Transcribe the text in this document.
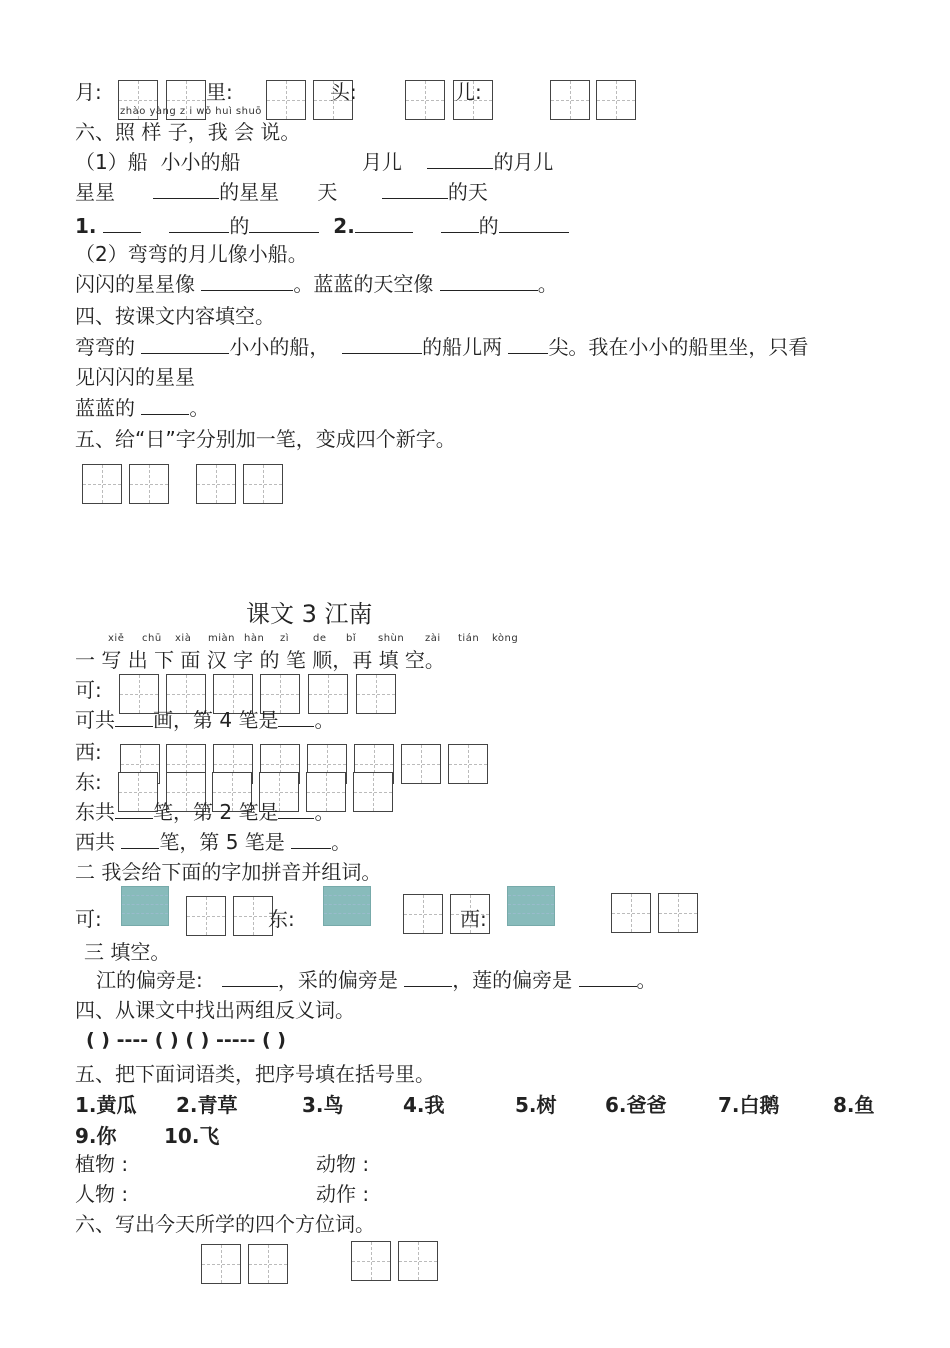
月:	里:	头:	儿:
zhào yàng z i wǒ huì shuō
六、照 样 子，我 会 说。
（1）船 小小的船	月儿	的月儿
星星	的星星 天	的天
1.	的	2.	的
（2）弯弯的月儿像小船。
闪闪的星星像	。蓝蓝的天空像	。
四、按课文内容填空。
弯弯的	小小的船，	的船儿两 尖。我在小小的船里坐，只看
见闪闪的星星
蓝蓝的	。
五、给“日”字分别加一笔，变成四个新字。
课文 3 江南
xiě chū xià miàn hàn zì de bǐ shùn zài tián kòng
一 写 出 下 面 汉 字 的 笔 顺，再 填 空。
可:
可共 画，第 4 笔是 。
西:
东:
东共 笔，第 2 笔是 。
西共 笔，第 5 笔是 。
二 我会给下面的字加拼音并组词。
可:	东:	西:
三 填空。
江的偏旁是:	，采的偏旁是	，莲的偏旁是	。
四、从课文中找出两组反义词。
( ) ---- ( ) ( ) ----- ( )
五、把下面词语类，把序号填在括号里。
1.黄瓜 2.青草	3.鸟	4.我	5.树 6.爸爸	7.白鹅	8.鱼
9.你 10.飞
植物 :	动物 :
人物 :	动作 :
六、写出今天所学的四个方位词。
